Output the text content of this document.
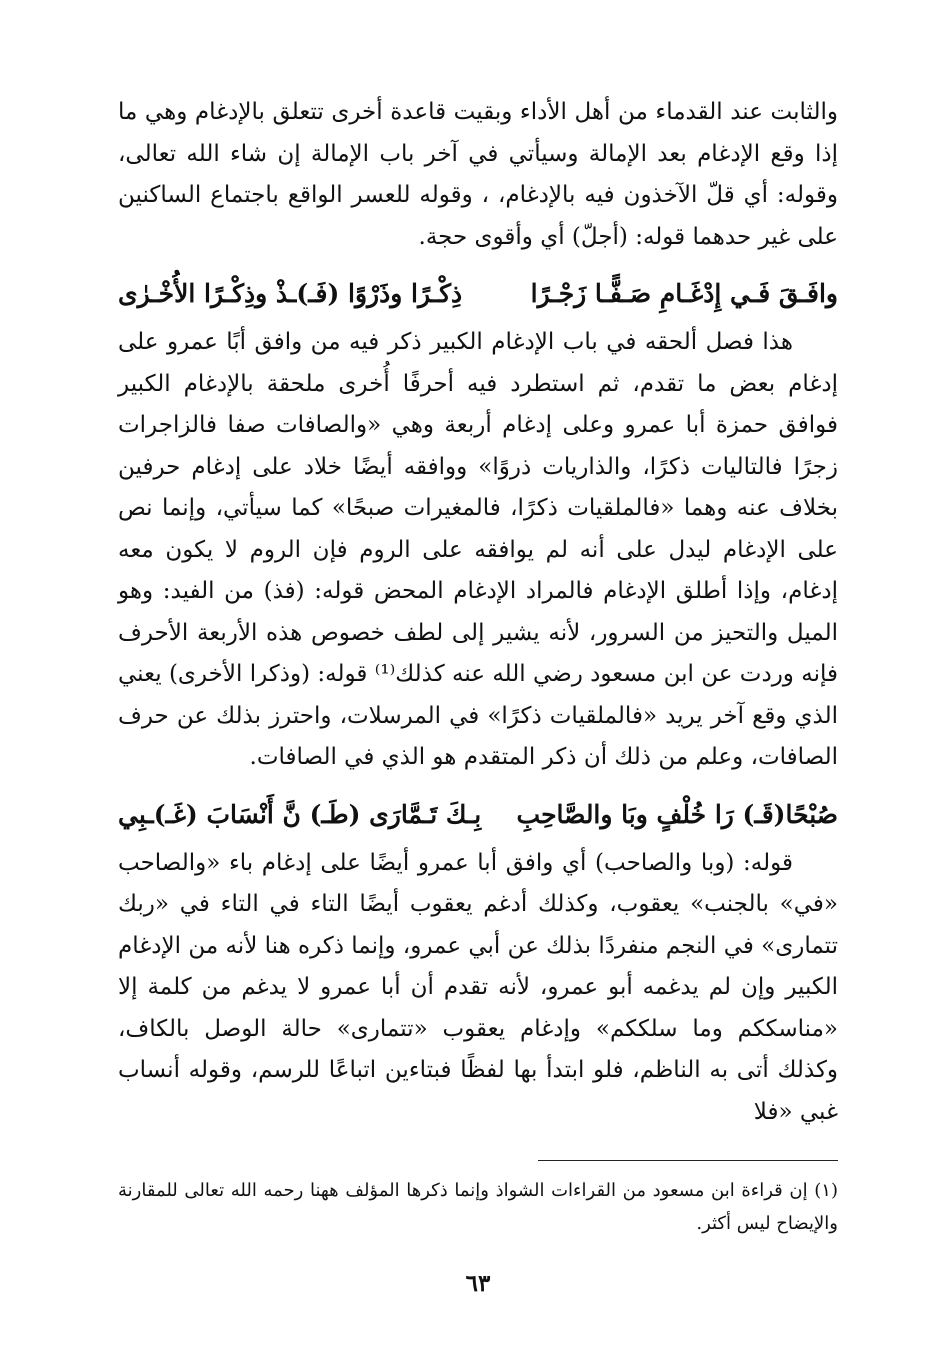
والثابت عند القدماء من أهل الأداء وبقيت قاعدة أخرى تتعلق بالإدغام وهي ما إذا وقع الإدغام بعد الإمالة وسيأتي في آخر باب الإمالة إن شاء الله تعالى، وقوله: أي قلّ الآخذون فيه بالإدغام، ، وقوله للعسر الواقع باجتماع الساكنين على غير حدهما قوله: (أجلّ) أي وأقوى حجة.

وافَـقَ فَـي إِدْغَـامِ صَـفًّـا زَجْـرًا
ذِكْـرًا وذَرْوًا (فَـ)ـذْ وذِكْـرًا الأُخْـرٰى

هذا فصل ألحقه في باب الإدغام الكبير ذكر فيه من وافق أبًا عمرو على إدغام بعض ما تقدم، ثم استطرد فيه أحرفًا أُخرى ملحقة بالإدغام الكبير فوافق حمزة أبا عمرو وعلى إدغام أربعة وهي «والصافات صفا فالزاجرات زجرًا فالتاليات ذكرًا، والذاريات ذروًا» ووافقه أيضًا خلاد على إدغام حرفين بخلاف عنه وهما «فالملقيات ذكرًا، فالمغيرات صبحًا» كما سيأتي، وإنما نص على الإدغام ليدل على أنه لم يوافقه على الروم فإن الروم لا يكون معه إدغام، وإذا أطلق الإدغام فالمراد الإدغام المحض قوله: (فذ) من الفيد: وهو الميل والتحيز من السرور، لأنه يشير إلى لطف خصوص هذه الأربعة الأحرف فإنه وردت عن ابن مسعود رضي الله عنه كذلك⁽¹⁾ قوله: (وذكرا الأخرى) يعني الذي وقع آخر يريد «فالملقيات ذكرًا» في المرسلات، واحترز بذلك عن حرف الصافات، وعلم من ذلك أن ذكر المتقدم هو الذي في الصافات.

صُبْحًا(قَـ) رَا خُلْفٍ وبَا والصَّاحِبِ
بِـكَ تَـمَّارَى (طَـ) نَّ أَنْسَابَ (غَـ)ـبِي

قوله: (وبا والصاحب) أي وافق أبا عمرو أيضًا على إدغام باء «والصاحب «في» بالجنب» يعقوب، وكذلك أدغم يعقوب أيضًا التاء في التاء في «ربك تتمارى» في النجم منفردًا بذلك عن أبي عمرو، وإنما ذكره هنا لأنه من الإدغام الكبير وإن لم يدغمه أبو عمرو، لأنه تقدم أن أبا عمرو لا يدغم من كلمة إلا «مناسككم وما سلككم» وإدغام يعقوب «تتمارى» حالة الوصل بالكاف، وكذلك أتى به الناظم، فلو ابتدأ بها لفظًا فبتاءين اتباعًا للرسم، وقوله أنساب غبي «فلا

(١) إن قراءة ابن مسعود من القراءات الشواذ وإنما ذكرها المؤلف ههنا رحمه الله تعالى للمقارنة والإيضاح ليس أكثر.

٦٣
